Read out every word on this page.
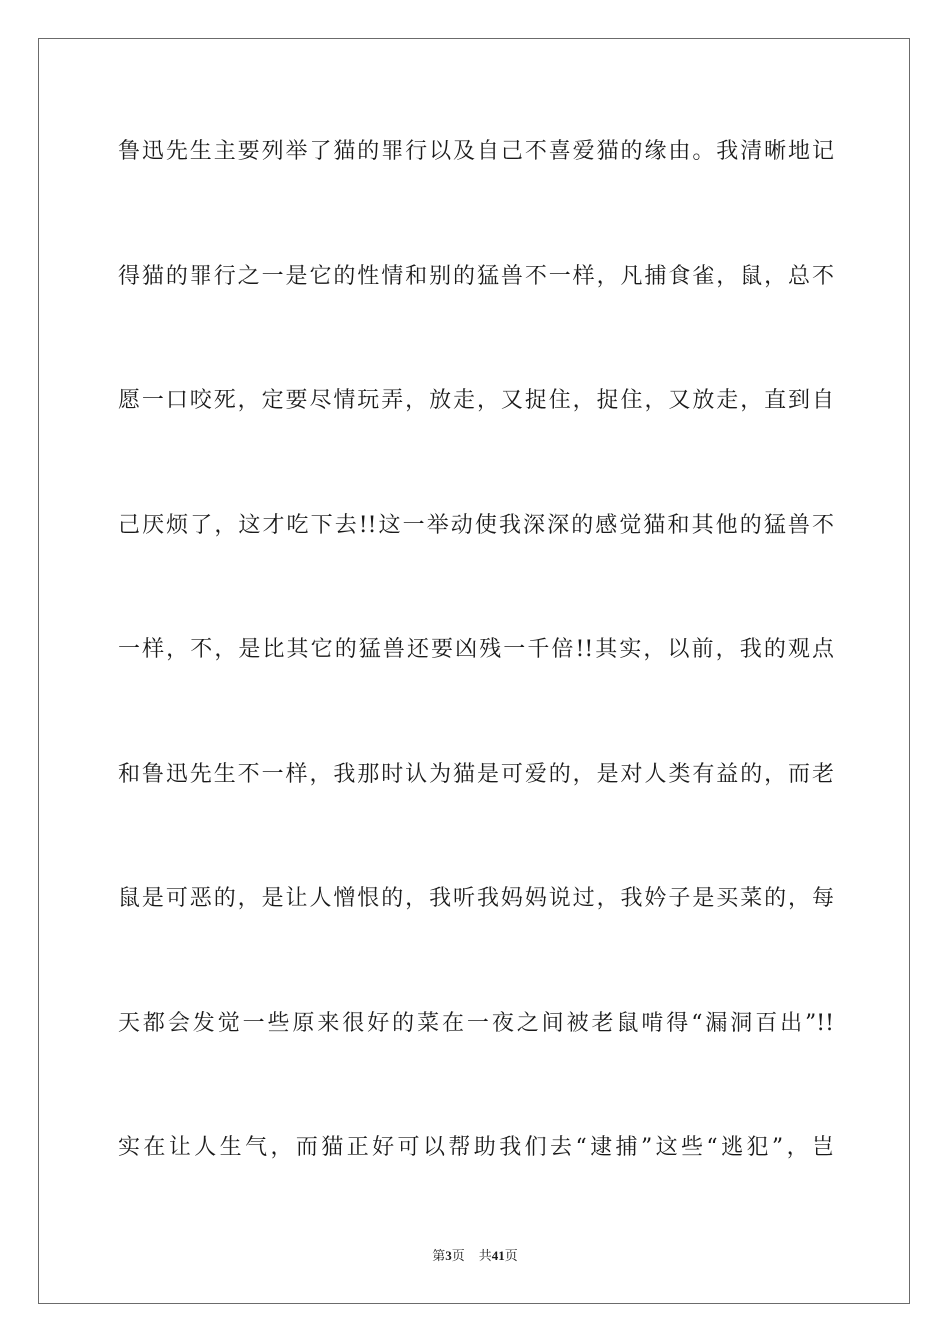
鲁迅先生主要列举了猫的罪行以及自己不喜爱猫的缘由。我清晰地记
得猫的罪行之一是它的性情和别的猛兽不一样，凡捕食雀，鼠，总不
愿一口咬死，定要尽情玩弄，放走，又捉住，捉住，又放走，直到自
己厌烦了，这才吃下去!!这一举动使我深深的感觉猫和其他的猛兽不
一样，不，是比其它的猛兽还要凶残一千倍!!其实，以前，我的观点
和鲁迅先生不一样，我那时认为猫是可爱的，是对人类有益的，而老
鼠是可恶的，是让人憎恨的，我听我妈妈说过，我妗子是买菜的，每
天都会发觉一些原来很好的菜在一夜之间被老鼠啃得“漏洞百出”!!
实在让人生气，而猫正好可以帮助我们去“逮捕”这些“逃犯”，岂
第3页 共41页
